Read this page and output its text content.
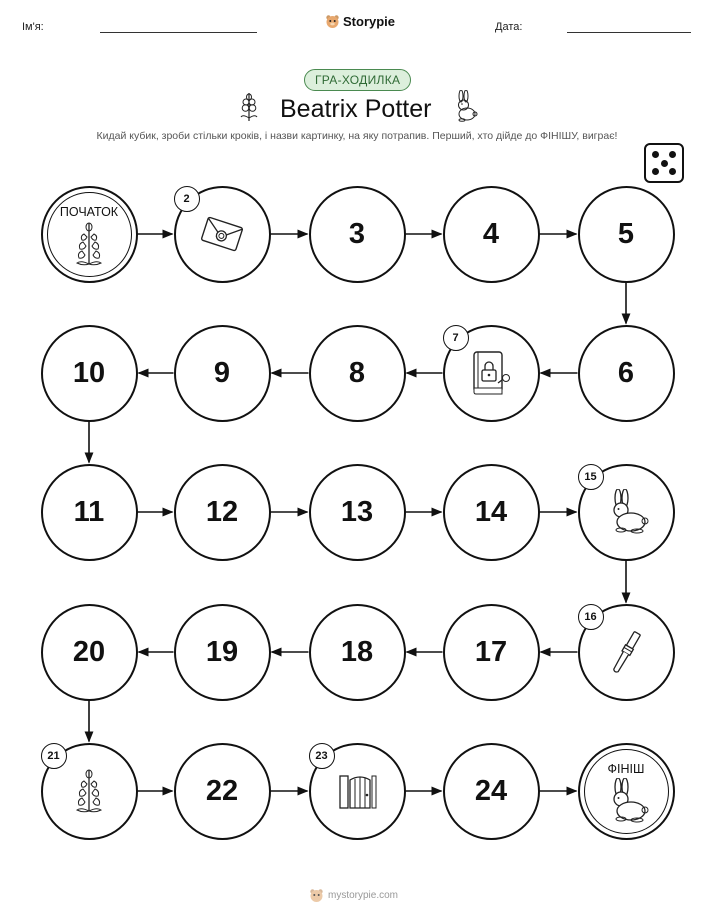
Ім'я:	Storypie	Дата:
ГРА-ХОДИЛКА
Beatrix Potter
Кидай кубик, зроби стільки кроків, і назви картинку, на яку потрапив. Перший, хто дійде до ФІНІШУ, виграє!
ПОЧАТОК
2
3	4	5
6
7
8
9
10
11	12	13	14
15
16
17
18
19
20
21
22
23
24
ФІНІШ
mystorypie.com
